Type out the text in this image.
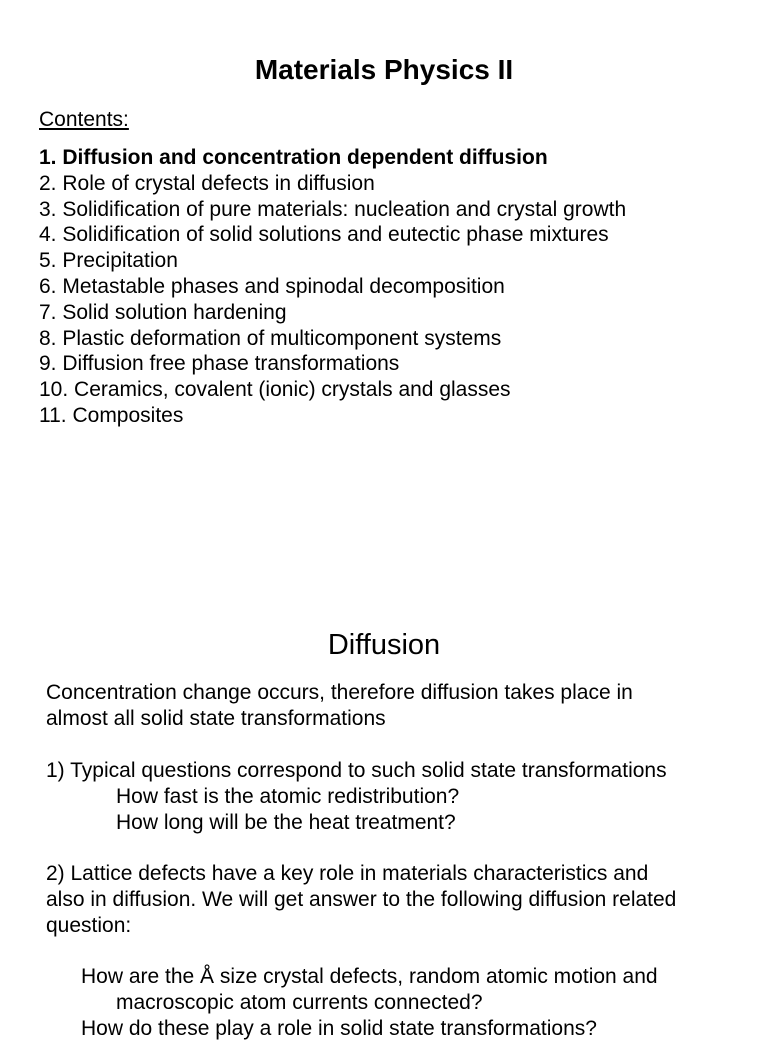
Materials Physics II
Contents:
1. Diffusion and concentration dependent diffusion
2. Role of crystal defects in diffusion
3. Solidification of pure materials: nucleation and crystal growth
4. Solidification of solid solutions and eutectic phase mixtures
5. Precipitation
6. Metastable phases and spinodal decomposition
7. Solid solution hardening
8. Plastic deformation of multicomponent systems
9. Diffusion free phase transformations
10. Ceramics, covalent (ionic) crystals and glasses
11. Composites
Diffusion
Concentration change occurs, therefore diffusion takes place in
almost all solid state transformations
1) Typical questions correspond to such solid state transformations
How fast is the atomic redistribution?
How long will be the heat treatment?
2) Lattice defects have a key role in materials characteristics and
also in diffusion. We will get answer to the following diffusion related
question:
How are the Å size crystal defects, random atomic motion and
macroscopic atom currents connected?
How do these play a role in solid state transformations?
